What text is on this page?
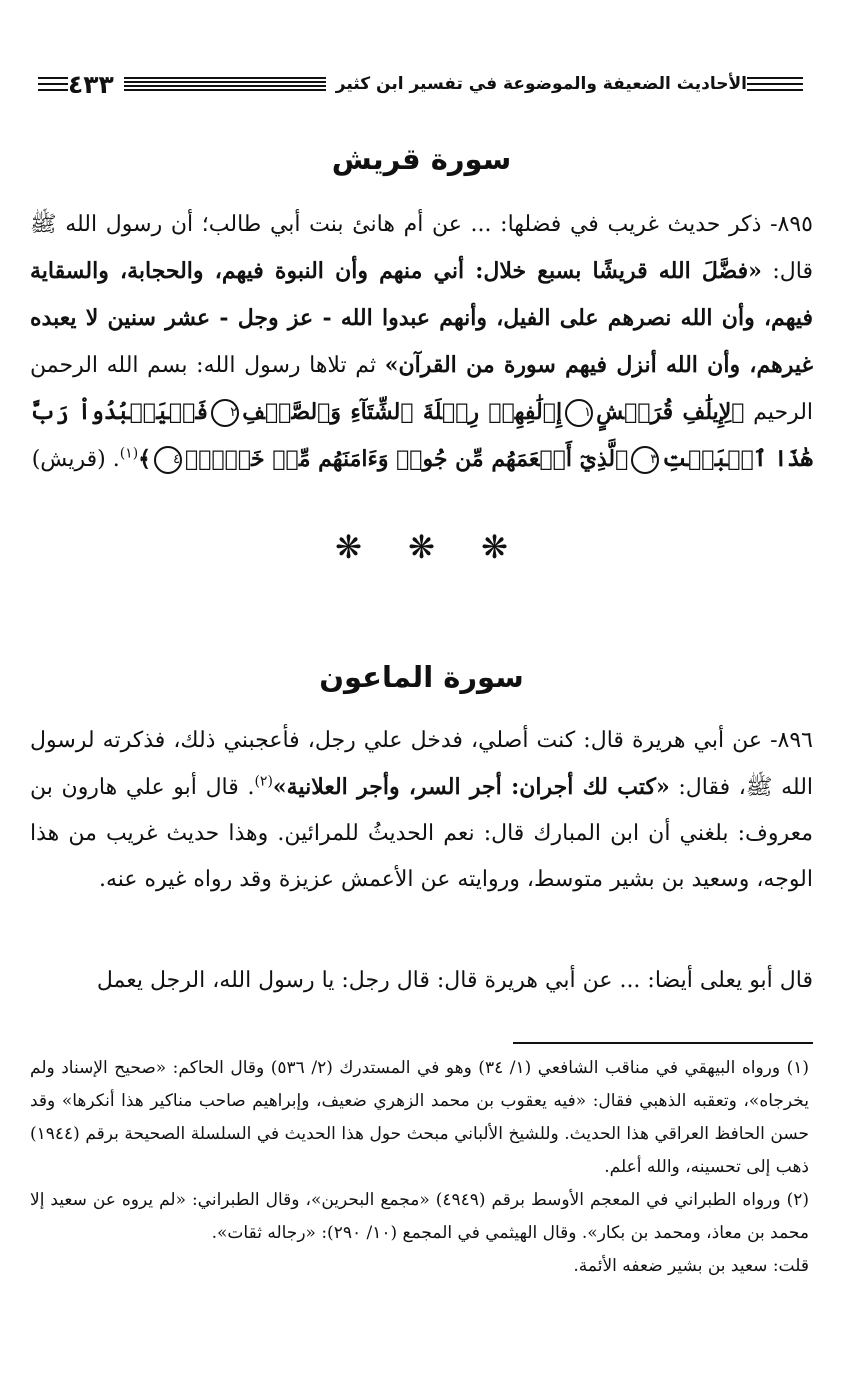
الأحاديث الضعيفة والموضوعة في تفسير ابن كثير
٤٣٣
سورة قريش
٨٩٥- ذكر حديث غريب في فضلها: ... عن أم هانئ بنت أبي طالب؛ أن رسول الله ﷺ قال: «فضَّلَ الله قريشًا بسبع خلال: أني منهم وأن النبوة فيهم، والحجابة، والسقاية فيهم، وأن الله نصرهم على الفيل، وأنهم عبدوا الله - عز وجل - عشر سنين لا يعبده غيرهم، وأن الله أنزل فيهم سورة من القرآن» ثم تلاها رسول الله: بسم الله الرحمن الرحيم ﴿لِإِيلَٰفِ قُرَيۡشٍ١إِۦلَٰفِهِمۡ رِحۡلَةَ ٱلشِّتَآءِ وَٱلصَّيۡفِ٢فَلۡيَعۡبُدُواْ رَبَّ هَٰذَا ٱلۡبَيۡتِ٣ٱلَّذِيٓ أَطۡعَمَهُم مِّن جُوعٖ وَءَامَنَهُم مِّنۡ خَوۡفِۭ٤﴾$^{(١)}$. (قريش)
❋ ❋ ❋
سورة الماعون
٨٩٦- عن أبي هريرة قال: كنت أصلي، فدخل علي رجل، فأعجبني ذلك، فذكرته لرسول الله ﷺ، فقال: «كتب لك أجران: أجر السر، وأجر العلانية»$^{(٢)}$. قال أبو علي هارون بن معروف: بلغني أن ابن المبارك قال: نعم الحديثُ للمرائين. وهذا حديث غريب من هذا الوجه، وسعيد بن بشير متوسط، وروايته عن الأعمش عزيزة وقد رواه غيره عنه.
قال أبو يعلى أيضا: ... عن أبي هريرة قال: قال رجل: يا رسول الله، الرجل يعمل

(١) ورواه البيهقي في مناقب الشافعي (١/ ٣٤) وهو في المستدرك (٢/ ٥٣٦) وقال الحاكم: «صحيح الإسناد ولم يخرجاه»، وتعقبه الذهبي فقال: «فيه يعقوب بن محمد الزهري ضعيف، وإبراهيم صاحب مناكير هذا أنكرها» وقد حسن الحافظ العراقي هذا الحديث. وللشيخ الألباني مبحث حول هذا الحديث في السلسلة الصحيحة برقم (١٩٤٤) ذهب إلى تحسينه، والله أعلم.

(٢) ورواه الطبراني في المعجم الأوسط برقم (٤٩٤٩) «مجمع البحرين»، وقال الطبراني: «لم يروه عن سعيد إلا محمد بن معاذ، ومحمد بن بكار». وقال الهيثمي في المجمع (١٠/ ٢٩٠): «رجاله ثقات».

قلت: سعيد بن بشير ضعفه الأئمة.
